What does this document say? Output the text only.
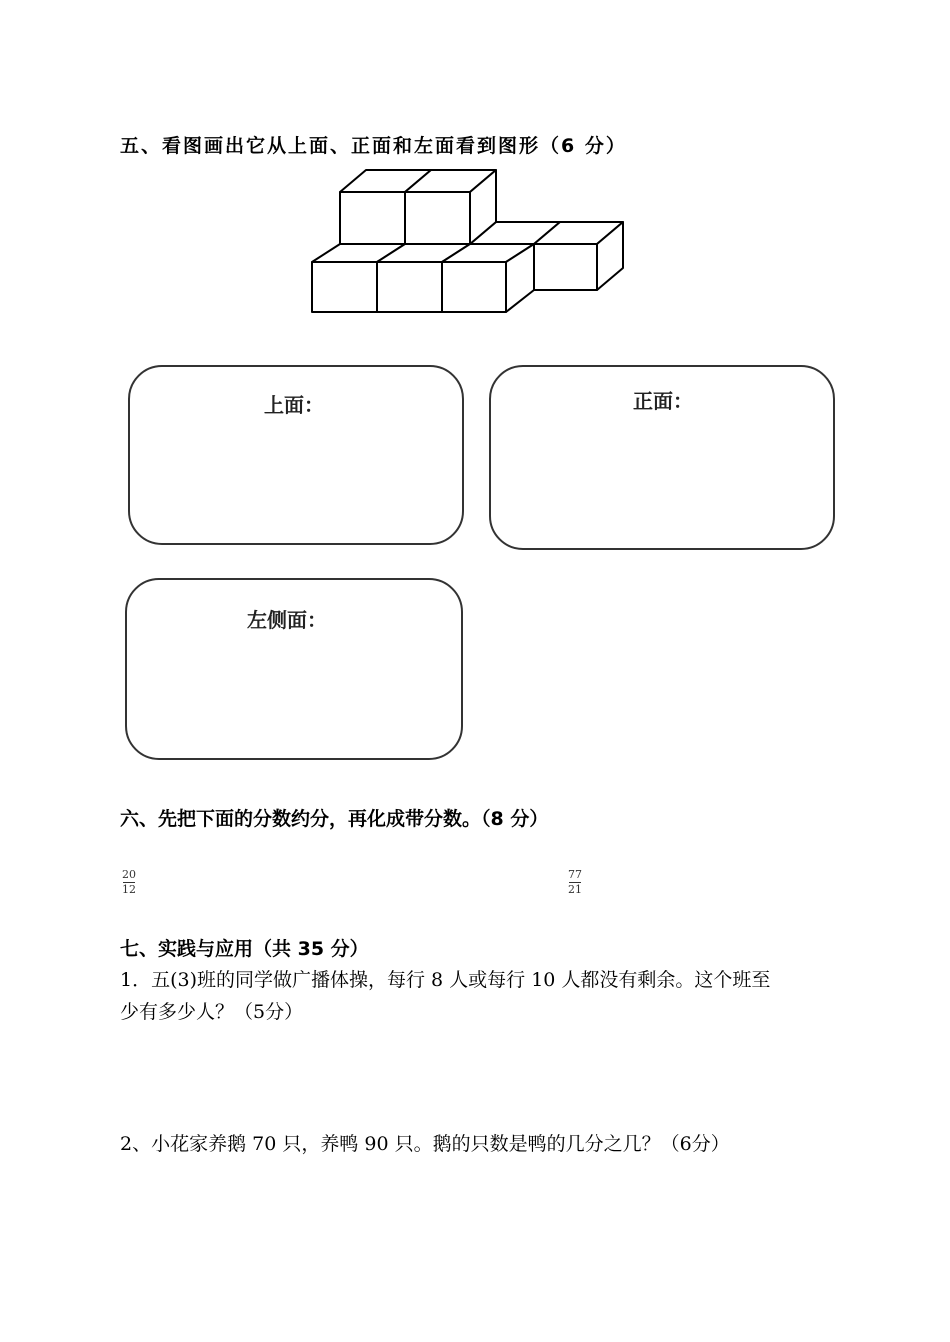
五、看图画出它从上面、正面和左面看到图形（6 分）
上面：	正面：
左侧面：
六、先把下面的分数约分，再化成带分数。（8 分）
20
12
77
21
七、实践与应用（共 35 分）
1．五(3)班的同学做广播体操，每行 8 人或每行 10 人都没有剩余。这个班至
少有多少人？（5分）
2、小花家养鹅 70 只，养鸭 90 只。鹅的只数是鸭的几分之几？（6分）
